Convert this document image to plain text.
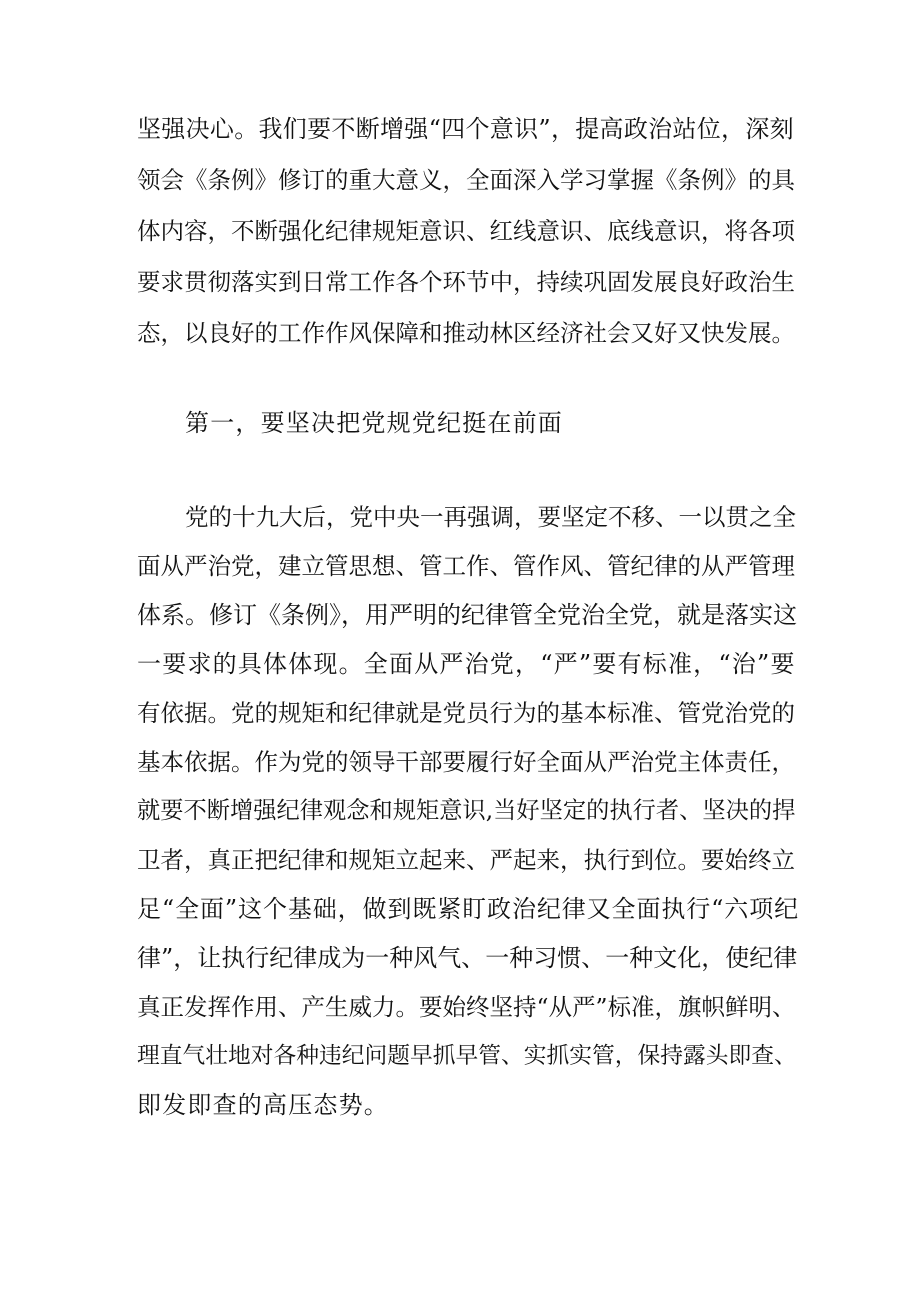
坚强决心。我们要不断增强“四个意识”，提高政治站位，深刻

领会《条例》修订的重大意义，全面深入学习掌握《条例》的具

体内容，不断强化纪律规矩意识、红线意识、底线意识，将各项

要求贯彻落实到日常工作各个环节中，持续巩固发展良好政治生

态，以良好的工作作风保障和推动林区经济社会又好又快发展。

第一，要坚决把党规党纪挺在前面

党的十九大后，党中央一再强调，要坚定不移、一以贯之全

面从严治党，建立管思想、管工作、管作风、管纪律的从严管理

体系。修订《条例》，用严明的纪律管全党治全党，就是落实这

一要求的具体体现。全面从严治党，“严”要有标准，“治”要

有依据。党的规矩和纪律就是党员行为的基本标准、管党治党的

基本依据。作为党的领导干部要履行好全面从严治党主体责任，

就要不断增强纪律观念和规矩意识,当好坚定的执行者、坚决的捍

卫者，真正把纪律和规矩立起来、严起来，执行到位。要始终立

足“全面”这个基础，做到既紧盯政治纪律又全面执行“六项纪

律”，让执行纪律成为一种风气、一种习惯、一种文化，使纪律

真正发挥作用、产生威力。要始终坚持“从严”标准，旗帜鲜明、

理直气壮地对各种违纪问题早抓早管、实抓实管，保持露头即查、

即发即查的高压态势。
